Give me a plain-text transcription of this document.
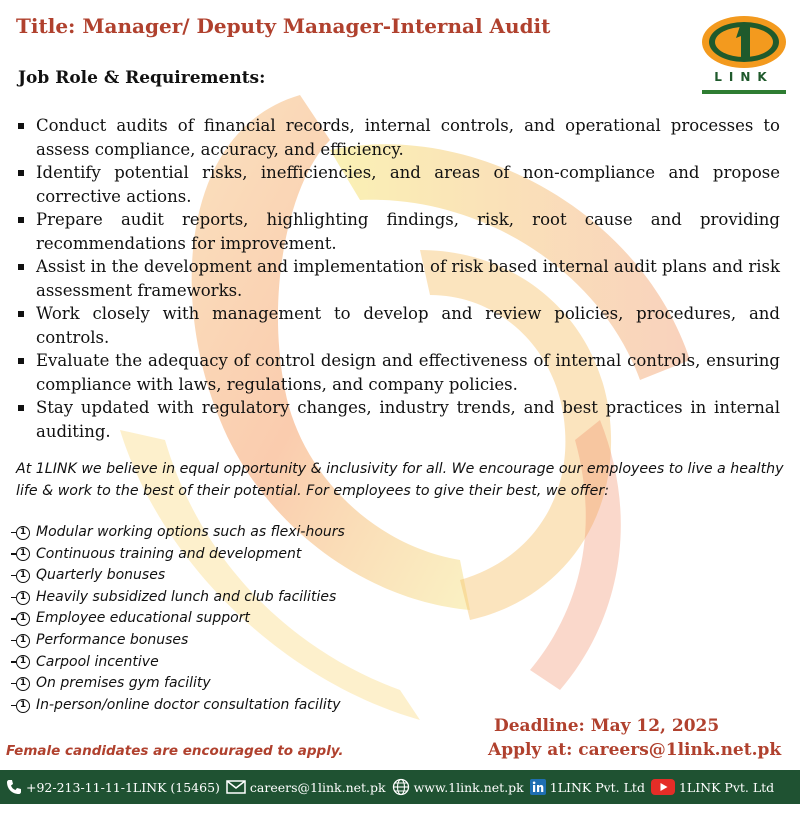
Title: Manager/ Deputy Manager-Internal Audit
LINK
Job Role & Requirements:
Conduct audits of financial records, internal controls, and operational processes to assess compliance, accuracy, and efficiency.
Identify potential risks, inefficiencies, and areas of non-compliance and propose corrective actions.
Prepare audit reports, highlighting findings, risk, root cause and providing recommendations for improvement.
Assist in the development and implementation of risk based internal audit plans and risk assessment frameworks.
Work closely with management to develop and review policies, procedures, and controls.
Evaluate the adequacy of control design and effectiveness of internal controls, ensuring compliance with laws, regulations, and company policies.
Stay updated with regulatory changes, industry trends, and best practices in internal auditing.
At 1LINK we believe in equal opportunity & inclusivity for all. We encourage our employees to live a healthy life & work to the best of their potential. For employees to give their best, we offer:
1 Modular working options such as flexi-hours
1 Continuous training and development
1 Quarterly bonuses
1 Heavily subsidized lunch and club facilities
1 Employee educational support
1 Performance bonuses
1 Carpool incentive
1 On premises gym facility
1 In-person/online doctor consultation facility
Deadline: May 12, 2025
Apply at: careers@1link.net.pk
Female candidates are encouraged to apply.
+92-213-11-11-1LINK (15465) careers@1link.net.pk www.1link.net.pk 1LINK Pvt. Ltd	1LINK Pvt. Ltd
